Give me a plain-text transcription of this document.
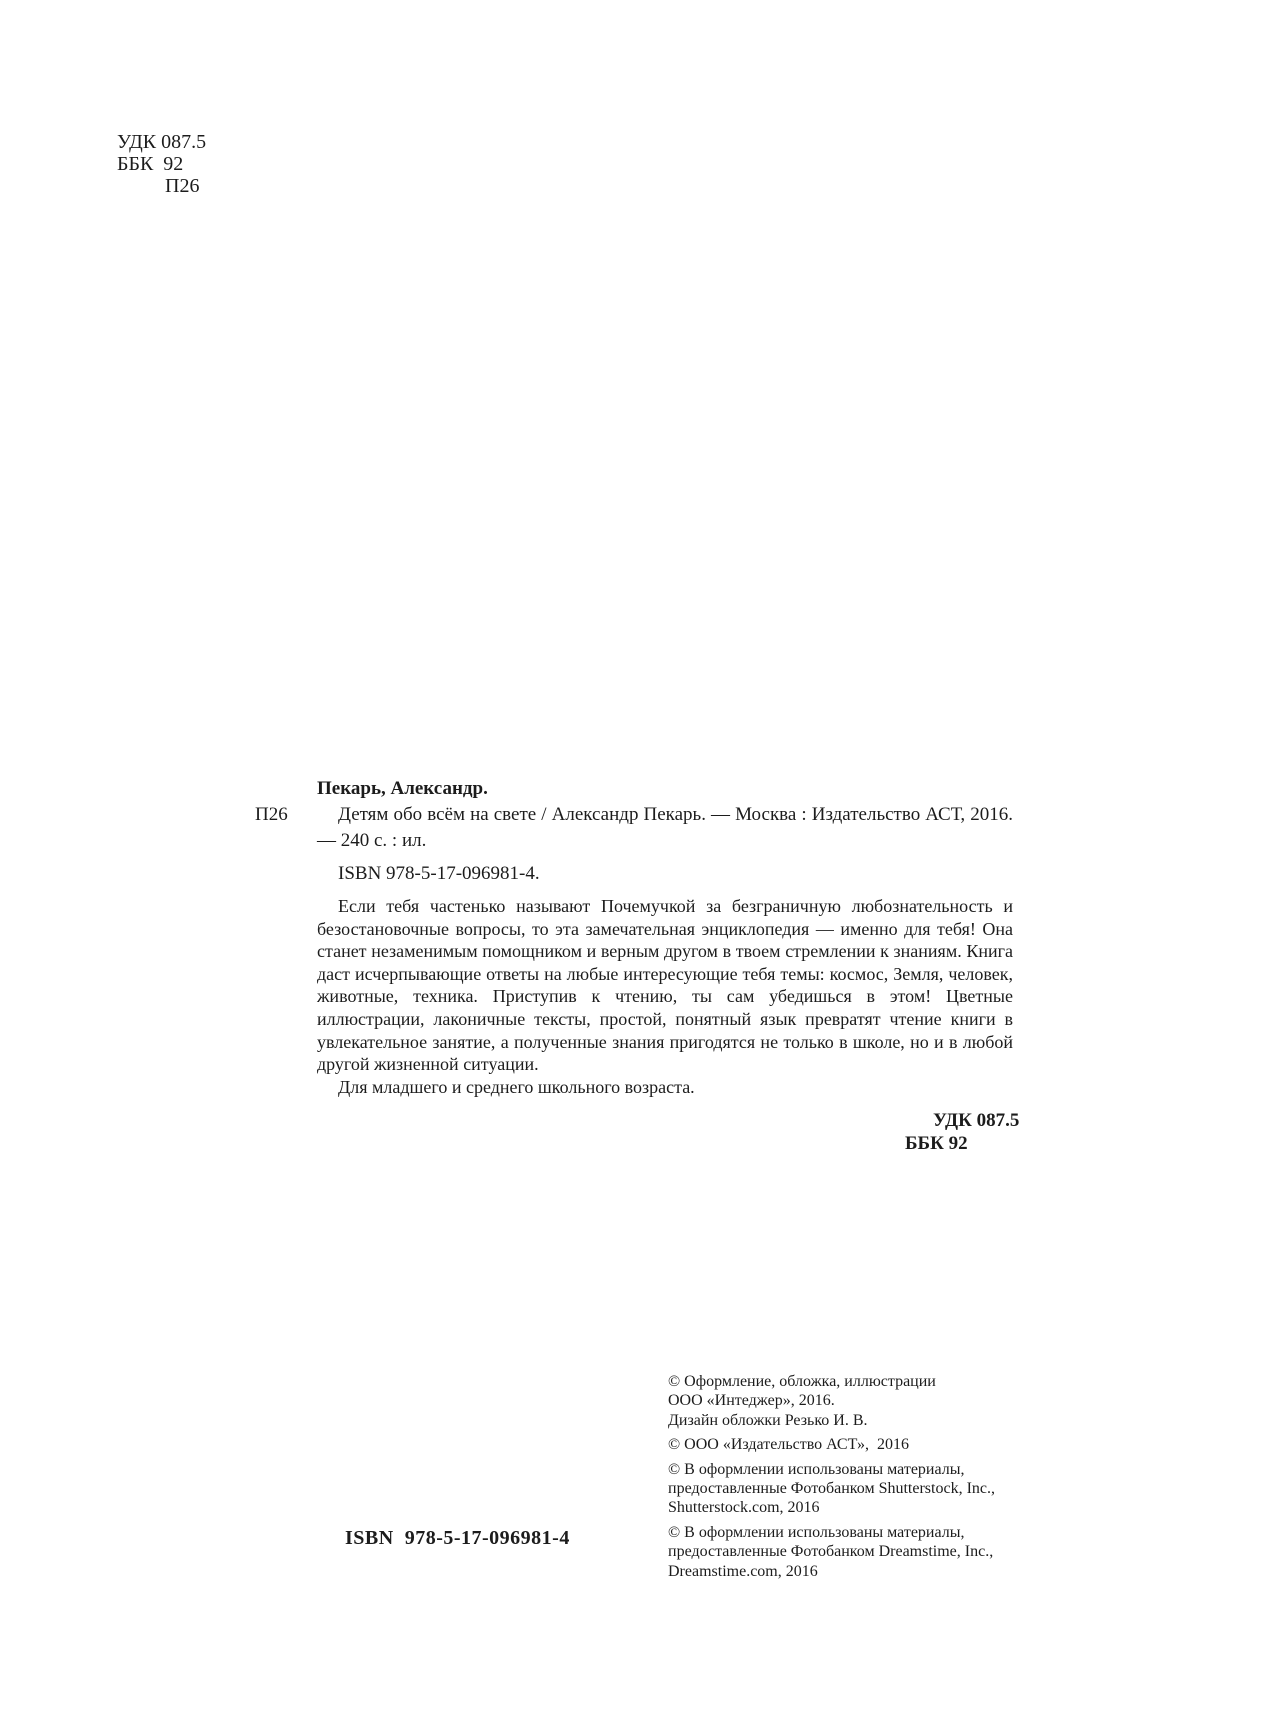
УДК 087.5
ББК  92
П26
Пекарь, Александр.
П26	Детям обо всём на свете / Александр Пекарь. — Москва : Издательство АСТ, 2016.— 240 с. : ил.
ISBN 978-5-17-096981-4.
Если тебя частенько называют Почемучкой за безграничную любознательность и безостановочные вопросы, то эта замечательная энциклопедия — именно для тебя! Она станет незаменимым помощником и верным другом в твоем стремлении к знаниям. Книга даст исчерпывающие ответы на любые интересующие тебя темы: космос, Земля, человек, животные, техника. Приступив к чтению, ты сам убедишься в этом! Цветные иллюстрации, лаконичные тексты, простой, понятный язык превратят чтение книги в увлекательное занятие, а полученные знания пригодятся не только в школе, но и в любой другой жизненной ситуации.
Для младшего и среднего школьного возраста.
УДК 087.5
ББК 92
© Оформление, обложка, иллюстрации
ООО «Интеджер», 2016.
Дизайн обложки Резько И. В.
© ООО «Издательство АСТ»,  2016
© В оформлении использованы материалы,
предоставленные Фотобанком Shutterstock, Inc.,
Shutterstock.com, 2016
© В оформлении использованы материалы,
предоставленные Фотобанком Dreamstime, Inc.,
Dreamstime.com, 2016
ISBN  978-5-17-096981-4
